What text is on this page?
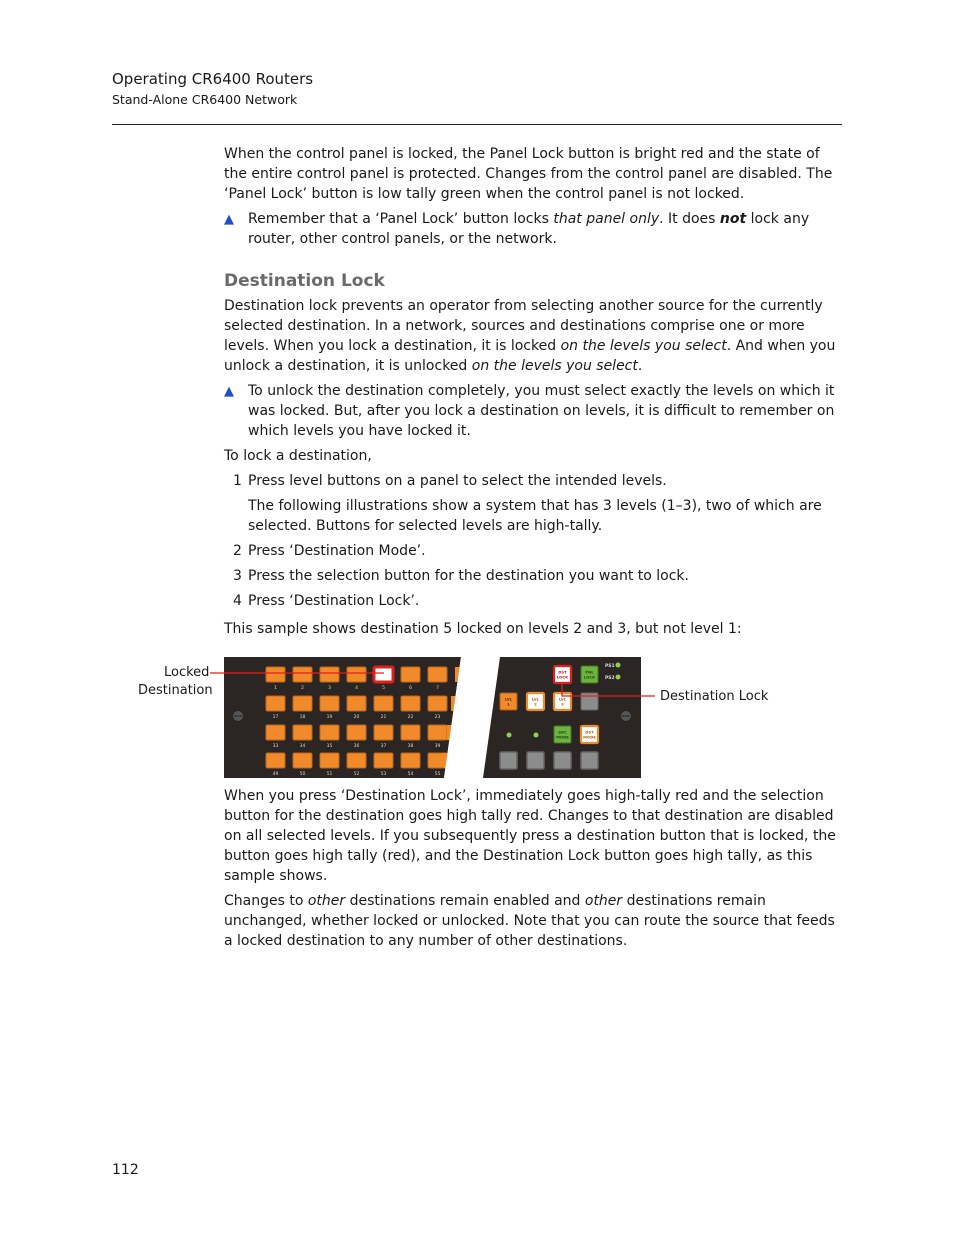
Operating CR6400 Routers
Stand-Alone CR6400 Network

When the control panel is locked, the Panel Lock button is bright red and the state of the entire control panel is protected. Changes from the control panel are disabled. The ‘Panel Lock’ button is low tally green when the control panel is not locked.

▲ Remember that a ‘Panel Lock’ button locks that panel only. It does not lock any router, other control panels, or the network.

Destination Lock

Destination lock prevents an operator from selecting another source for the currently selected destination. In a network, sources and destinations comprise one or more levels. When you lock a destination, it is locked on the levels you select. And when you unlock a destination, it is unlocked on the levels you select.

▲ To unlock the destination completely, you must select exactly the levels on which it was locked. But, after you lock a destination on levels, it is difficult to remember on which levels you have locked it.

To lock a destination,

1 Press level buttons on a panel to select the intended levels.

The following illustrations show a system that has 3 levels (1–3), two of which are selected. Buttons for selected levels are high-tally.

2 Press ‘Destination Mode’.

3 Press the selection button for the destination you want to lock.

4 Press ‘Destination Lock’.

This sample shows destination 5 locked on levels 2 and 3, but not level 1:

Locked
Destination	Destination Lock
1	2	3	4	5	6	7
17	18	19	20	21	22	23
33	34	35	36	37	38	39
49	50	51	52	53	54	55
DST
LOCK
PNL
LOCK
LVL
1
LVL
2
LVL
3
SRC
MODE
DST
MODE
PS1
PS2

When you press ‘Destination Lock’, immediately goes high-tally red and the selection button for the destination goes high tally red. Changes to that destination are disabled on all selected levels. If you subsequently press a destination button that is locked, the button goes high tally (red), and the Destination Lock button goes high tally, as this sample shows.

Changes to other destinations remain enabled and other destinations remain unchanged, whether locked or unlocked. Note that you can route the source that feeds a locked destination to any number of other destinations.

112
